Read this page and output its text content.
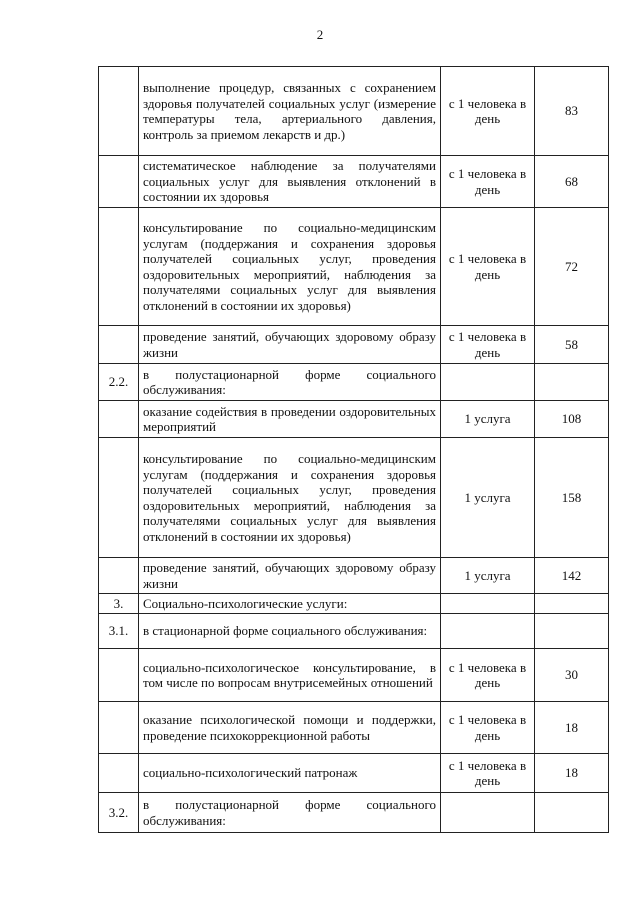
2
	выполнение процедур, связанных с сохранением здоровья получателей социальных услуг (измерение температуры тела, артериального давления, контроль за приемом лекарств и др.)	с 1 человека в день	83
	систематическое наблюдение за получателями социальных услуг для выявления отклонений в состоянии их здоровья	с 1 человека в день	68
	консультирование по социально-медицинским услугам (поддержания и сохранения здоровья получателей социальных услуг, проведения оздоровительных мероприятий, наблюдения за получателями социальных услуг для выявления отклонений в состоянии их здоровья)	с 1 человека в день	72
	проведение занятий, обучающих здоровому образу жизни	с 1 человека в день	58
2.2.	в полустационарной форме социального обслуживания:		
	оказание содействия в проведении оздоровительных мероприятий	1 услуга	108
	консультирование по социально-медицинским услугам (поддержания и сохранения здоровья получателей социальных услуг, проведения оздоровительных мероприятий, наблюдения за получателями социальных услуг для выявления отклонений в состоянии их здоровья)	1 услуга	158
	проведение занятий, обучающих здоровому образу жизни	1 услуга	142
3.	Социально-психологические услуги:		
3.1.	в стационарной форме социального обслуживания:		
	социально-психологическое консультирование, в том числе по вопросам внутрисемейных отношений	с 1 человека в день	30
	оказание психологической помощи и поддержки, проведение психокоррекционной работы	с 1 человека в день	18
	социально-психологический патронаж	с 1 человека в день	18
3.2.	в полустационарной форме социального обслуживания:		
